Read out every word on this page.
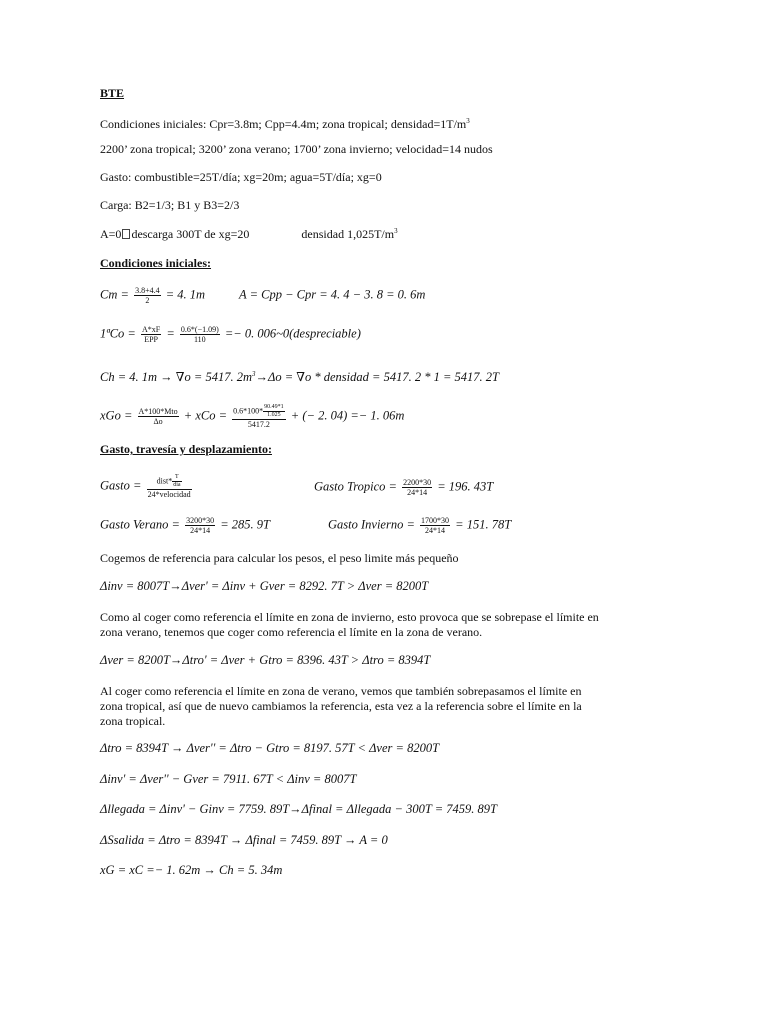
BTE
Condiciones iniciales: Cpr=3.8m; Cpp=4.4m; zona tropical; $densidad=1T/m^3$
2200’ zona tropical; 3200’ zona verano; 1700’ zona invierno; velocidad=14 nudos
Gasto: combustible=25T/día; xg=20m; agua=5T/día; xg=0
Carga: B2=1/3; B1 y B3=2/3
A=0 descarga 300T de xg=20	densidad $1,025T/m^3$
Condiciones iniciales:
$Cm = \frac{3.8+4.4}{2} = 4$. 1m	A = Cpp − Cpr = 4. 4 − 3. 8 = 0. 6m
1ªCo = $\frac{A*xF}{\text{EPP}} = \frac{0.6*(-1.09)}{110} =- 0$. 006~0(despreciable)
Ch = 4. 1m → ∇o = 5417. $2m^3\to\Delta o = \nabla o$ * densidad = 5417. 2 * 1 = 5417. 2T
xGo = $\frac{\text{A*100*Mto}}{\Delta o}$ + xCo = $\frac{0.6*100* \frac{90.49*1}{1.025}}{5417.2}$ + (− 2. 04) =− 1. 06m
Gasto, travesía y desplazamiento:
Gasto = $\frac{dist* \frac{T}{\text{dia}}}{\text{24*velocidad}}$	Gasto Tropico = $\frac{2200*30}{24*14} = 196$. 43T
Gasto Verano = $\frac{3200*30}{24*14} = 285$. 9T	Gasto Invierno = $\frac{1700*30}{24*14} = 151$. 78T
Cogemos de referencia para calcular los pesos, el peso limite más pequeño
Δinv = 8007T→Δver' = Δinv + Gver = 8292. 7T > Δver = 8200T
Como al coger como referencia el límite en zona de invierno, esto provoca que se sobrepase el límite en zona verano, tenemos que coger como referencia el límite en la zona de verano.
Δver = 8200T→Δtro' = Δver + Gtro = 8396. 43T > Δtro = 8394T
Al coger como referencia el límite en zona de verano, vemos que también sobrepasamos el límite en zona tropical, así que de nuevo cambiamos la referencia, esta vez a la referencia sobre el límite en la zona tropical.
Δtro = 8394T → Δver'' = Δtro − Gtro = 8197. 57T < Δver = 8200T
Δinv' = Δver'' − Gver = 7911. 67T < Δinv = 8007T
Δllegada = Δinv' − Ginv = 7759. 89T→Δfinal = Δllegada − 300T = 7459. 89T
ΔSsalida = Δtro = 8394T → Δfinal = 7459. 89T → A = 0
xG = xC =− 1. 62m → Ch = 5. 34m
